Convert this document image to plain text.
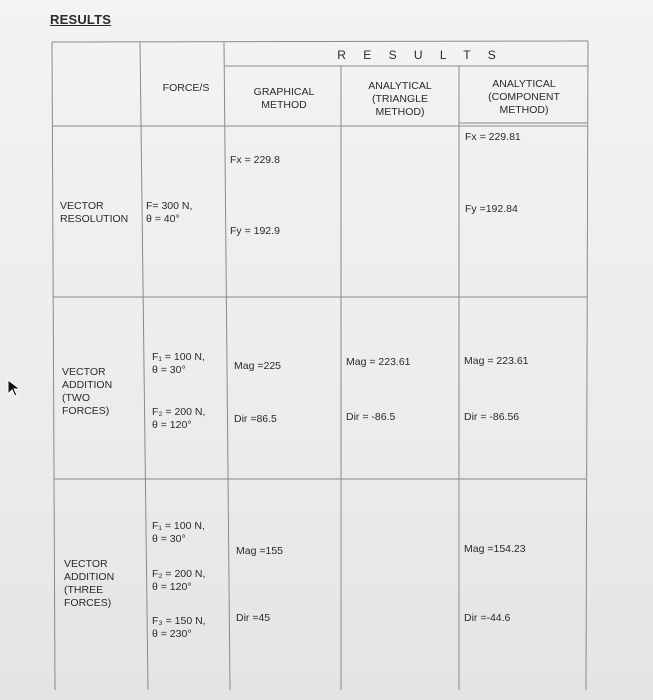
RESULTS
R E S U L T S
FORCE/S	GRAPHICAL
METHOD
ANALYTICAL
(TRIANGLE
METHOD)
ANALYTICAL
(COMPONENT
METHOD)
VECTOR
RESOLUTION
F= 300 N,
θ = 40°
Fx = 229.8
Fy = 192.9
Fx = 229.81
Fy =192.84
VECTOR
ADDITION
(TWO
FORCES)
F₁ = 100 N,
θ = 30°
F₂ = 200 N,
θ = 120°
Mag =225
Dir =86.5
Mag = 223.61
Dir = -86.5
Mag = 223.61
Dir = -86.56
VECTOR
ADDITION
(THREE
FORCES)
F₁ = 100 N,
θ = 30°
F₂ = 200 N,
θ = 120°
F₃ = 150 N,
θ = 230°
Mag =155
Dir =45
Mag =154.23
Dir =-44.6
